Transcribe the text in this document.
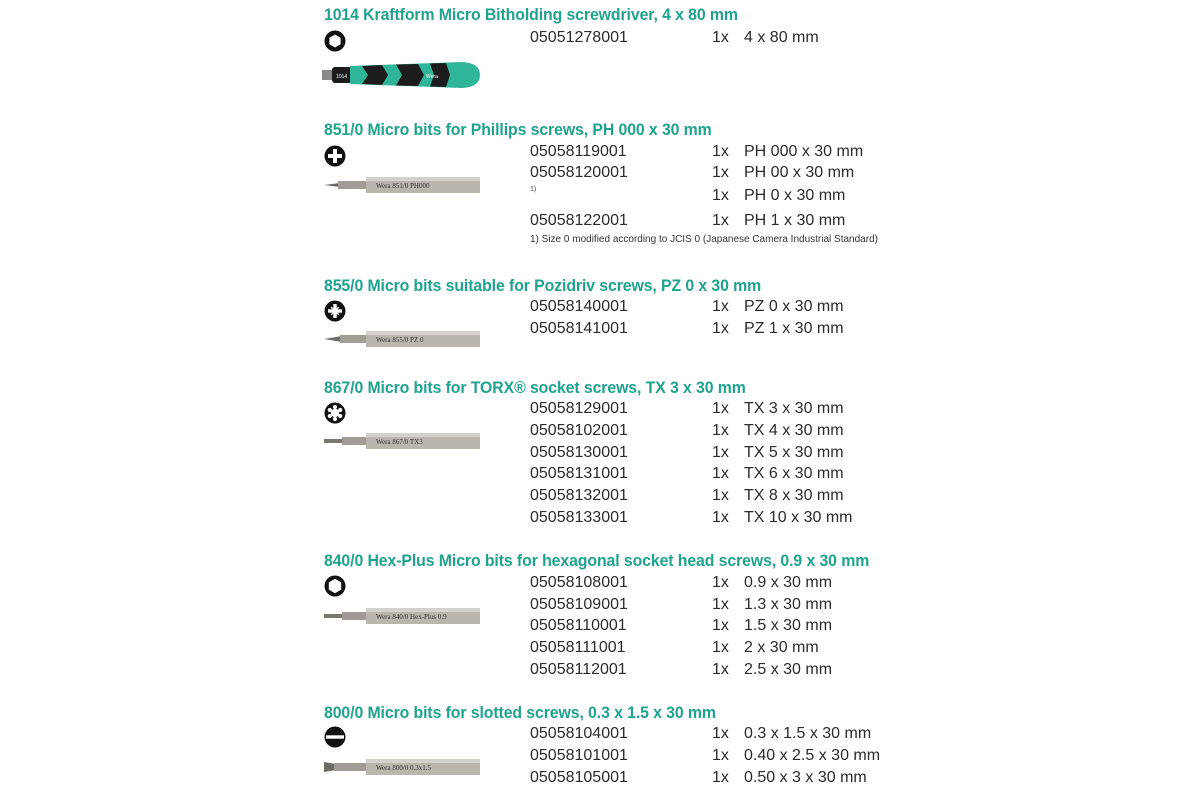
1014 Kraftform Micro Bitholding screwdriver, 4 x 80 mm
1014	Wera
05051278001	1x 4 x 80 mm
851/0 Micro bits for Phillips screws, PH 000 x 30 mm
Wera 851/0 PH000
05058119001	1x PH 000 x 30 mm
05058120001	1x PH 00 x 30 mm
1)	1x PH 0 x 30 mm
05058122001	1x PH 1 x 30 mm
1) Size 0 modified according to JCIS 0 (Japanese Camera Industrial Standard)
855/0 Micro bits suitable for Pozidriv screws, PZ 0 x 30 mm
Wera 855/0 PZ 0
05058140001	1x PZ 0 x 30 mm
05058141001	1x PZ 1 x 30 mm
867/0 Micro bits for TORX® socket screws, TX 3 x 30 mm
Wera 867/0 TX3
05058129001	1x TX 3 x 30 mm
05058102001	1x TX 4 x 30 mm
05058130001	1x TX 5 x 30 mm
05058131001	1x TX 6 x 30 mm
05058132001	1x TX 8 x 30 mm
05058133001	1x TX 10 x 30 mm
840/0 Hex-Plus Micro bits for hexagonal socket head screws, 0.9 x 30 mm
Wera 840/0 Hex-Plus 0.9
05058108001	1x 0.9 x 30 mm
05058109001	1x 1.3 x 30 mm
05058110001	1x 1.5 x 30 mm
05058111001	1x 2 x 30 mm
05058112001	1x 2.5 x 30 mm
800/0 Micro bits for slotted screws, 0.3 x 1.5 x 30 mm
Wera 800/0 0.3x1.5
05058104001	1x 0.3 x 1.5 x 30 mm
05058101001	1x 0.40 x 2.5 x 30 mm
05058105001	1x 0.50 x 3 x 30 mm
